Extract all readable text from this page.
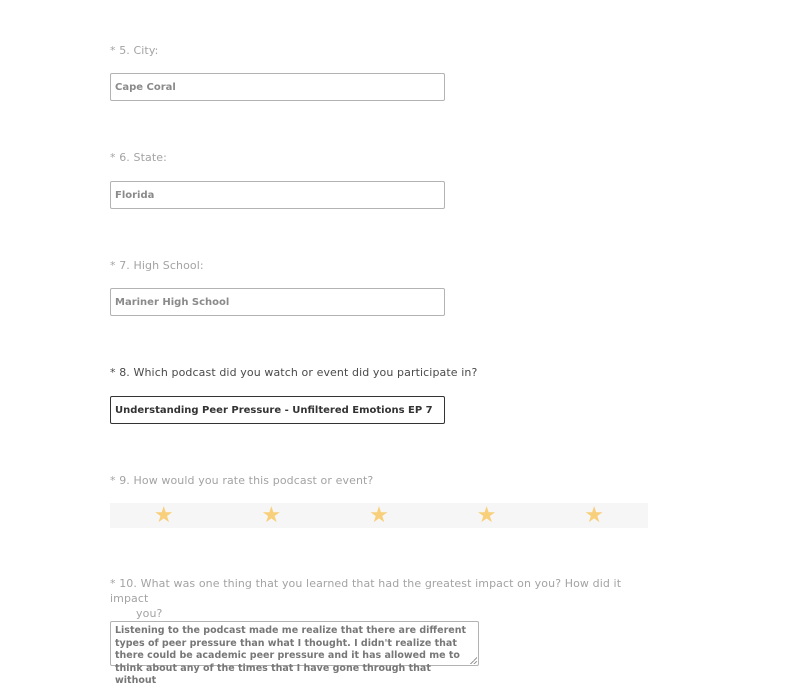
* 5. City:
Cape Coral
* 6. State:
Florida
* 7. High School:
Mariner High School
* 8. Which podcast did you watch or event did you participate in?
Understanding Peer Pressure - Unfiltered Emotions EP 7
* 9. How would you rate this podcast or event?
★	★	★	★	★
* 10. What was one thing that you learned that had the greatest impact on you? How did it impact
you?
Listening to the podcast made me realize that there are different types of peer pressure than what I thought. I didn't realize that there could be academic peer pressure and it has allowed me to think about any of the times that I have gone through that without
